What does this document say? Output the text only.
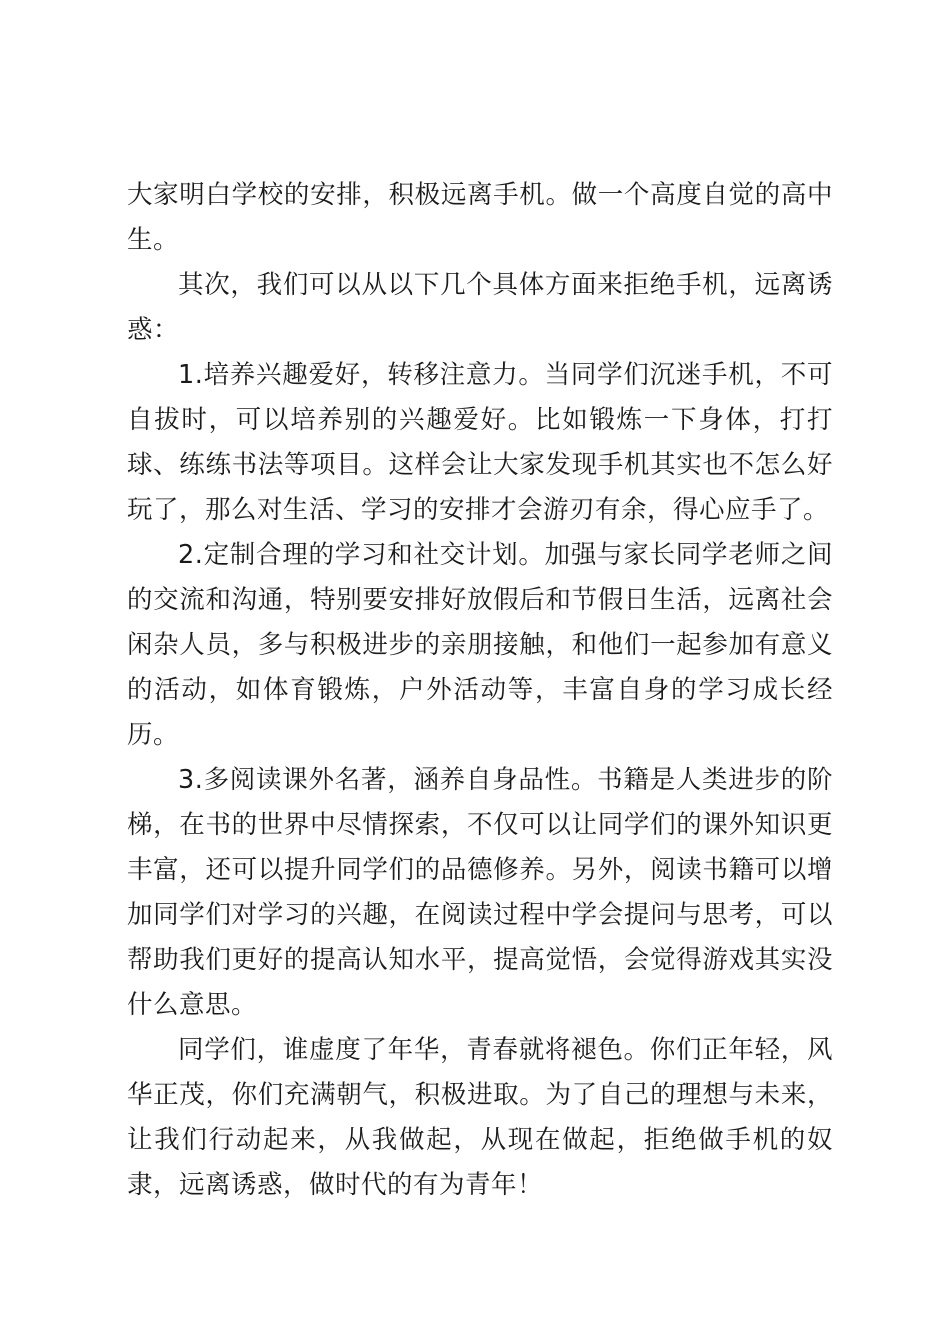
大家明白学校的安排，积极远离手机。做一个高度自觉的高中生。

其次，我们可以从以下几个具体方面来拒绝手机，远离诱惑：

1.培养兴趣爱好，转移注意力。当同学们沉迷手机，不可自拔时，可以培养别的兴趣爱好。比如锻炼一下身体，打打球、练练书法等项目。这样会让大家发现手机其实也不怎么好玩了，那么对生活、学习的安排才会游刃有余，得心应手了。

2.定制合理的学习和社交计划。加强与家长同学老师之间的交流和沟通，特别要安排好放假后和节假日生活，远离社会闲杂人员，多与积极进步的亲朋接触，和他们一起参加有意义的活动，如体育锻炼，户外活动等，丰富自身的学习成长经历。

3.多阅读课外名著，涵养自身品性。书籍是人类进步的阶梯，在书的世界中尽情探索，不仅可以让同学们的课外知识更丰富，还可以提升同学们的品德修养。另外，阅读书籍可以增加同学们对学习的兴趣，在阅读过程中学会提问与思考，可以帮助我们更好的提高认知水平，提高觉悟，会觉得游戏其实没什么意思。

同学们，谁虚度了年华，青春就将褪色。你们正年轻，风华正茂，你们充满朝气，积极进取。为了自己的理想与未来，让我们行动起来，从我做起，从现在做起，拒绝做手机的奴隶，远离诱惑，做时代的有为青年！
